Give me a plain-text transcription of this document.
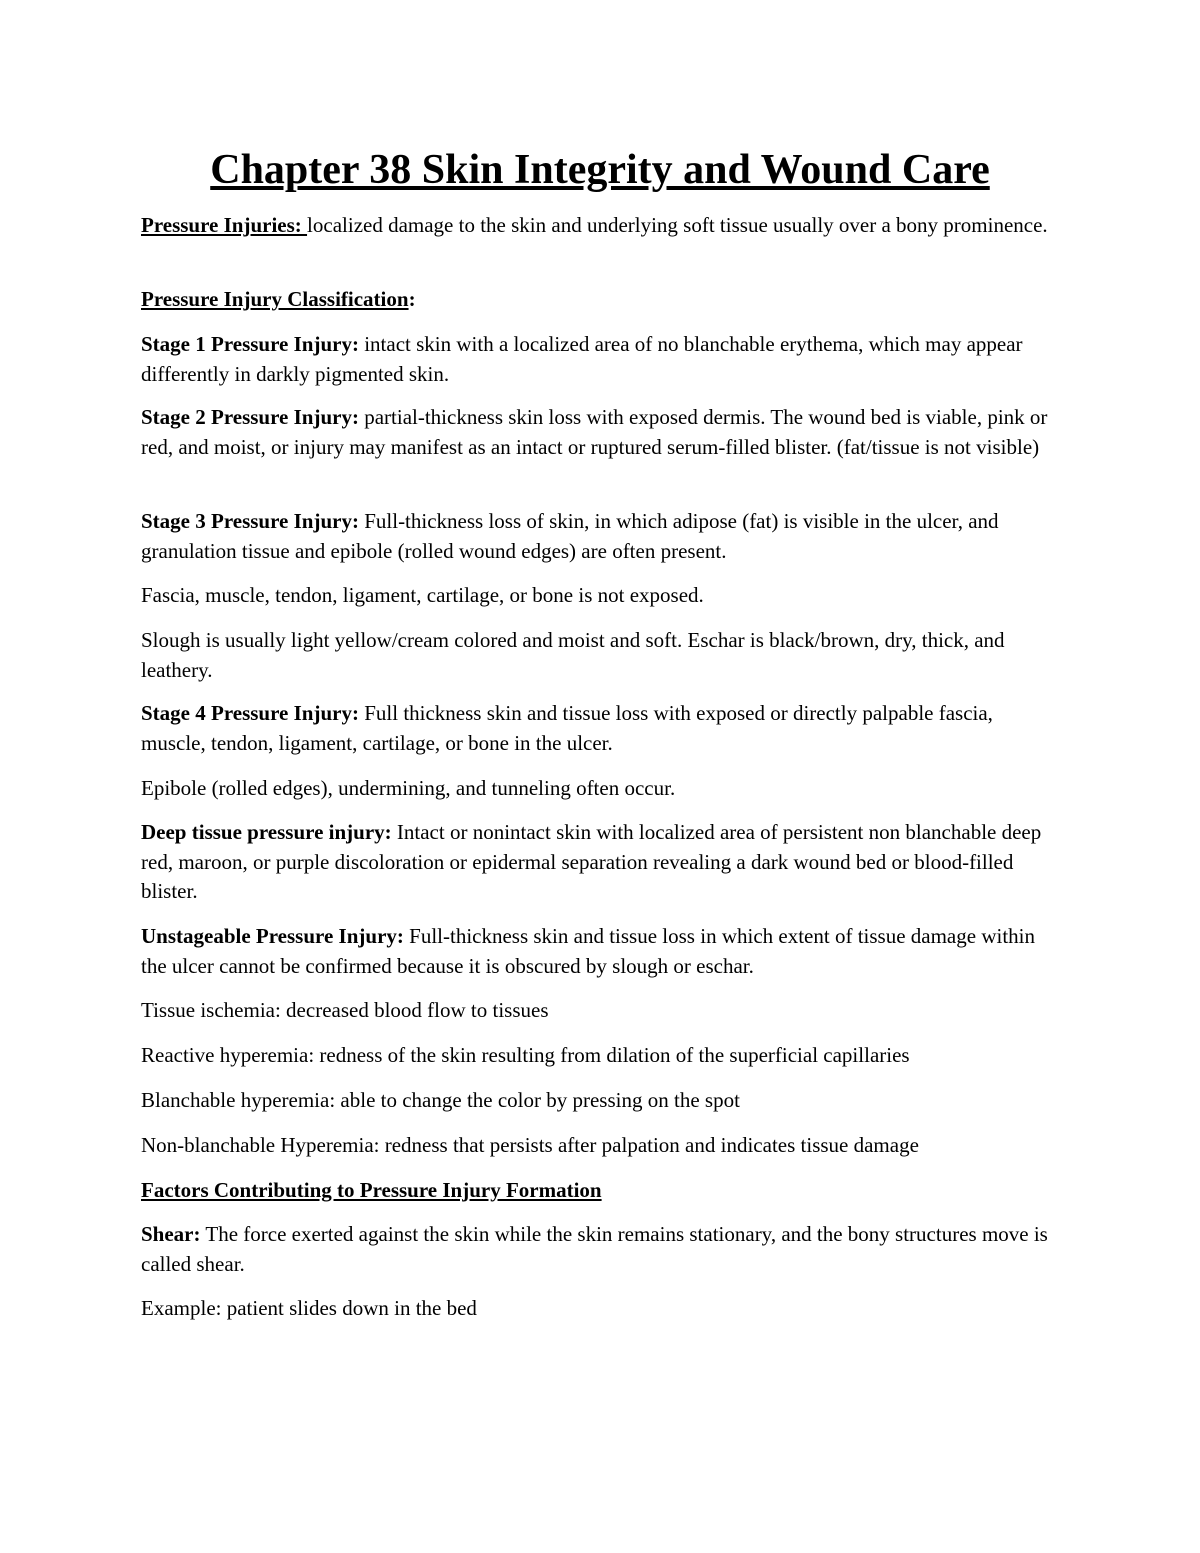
Chapter 38 Skin Integrity and Wound Care

Pressure Injuries: localized damage to the skin and underlying soft tissue usually over a bony prominence.

Pressure Injury Classification:

Stage 1 Pressure Injury: intact skin with a localized area of no blanchable erythema, which may appear differently in darkly pigmented skin.

Stage 2 Pressure Injury: partial-thickness skin loss with exposed dermis. The wound bed is viable, pink or red, and moist, or injury may manifest as an intact or ruptured serum-filled blister. (fat/tissue is not visible)

Stage 3 Pressure Injury: Full-thickness loss of skin, in which adipose (fat) is visible in the ulcer, and granulation tissue and epibole (rolled wound edges) are often present.

Fascia, muscle, tendon, ligament, cartilage, or bone is not exposed.

Slough is usually light yellow/cream colored and moist and soft. Eschar is black/brown, dry, thick, and leathery.

Stage 4 Pressure Injury: Full thickness skin and tissue loss with exposed or directly palpable fascia, muscle, tendon, ligament, cartilage, or bone in the ulcer.

Epibole (rolled edges), undermining, and tunneling often occur.

Deep tissue pressure injury: Intact or nonintact skin with localized area of persistent non blanchable deep red, maroon, or purple discoloration or epidermal separation revealing a dark wound bed or blood-filled blister.

Unstageable Pressure Injury: Full-thickness skin and tissue loss in which extent of tissue damage within the ulcer cannot be confirmed because it is obscured by slough or eschar.

Tissue ischemia: decreased blood flow to tissues

Reactive hyperemia: redness of the skin resulting from dilation of the superficial capillaries

Blanchable hyperemia: able to change the color by pressing on the spot

Non-blanchable Hyperemia: redness that persists after palpation and indicates tissue damage

Factors Contributing to Pressure Injury Formation

Shear: The force exerted against the skin while the skin remains stationary, and the bony structures move is called shear.

Example: patient slides down in the bed
